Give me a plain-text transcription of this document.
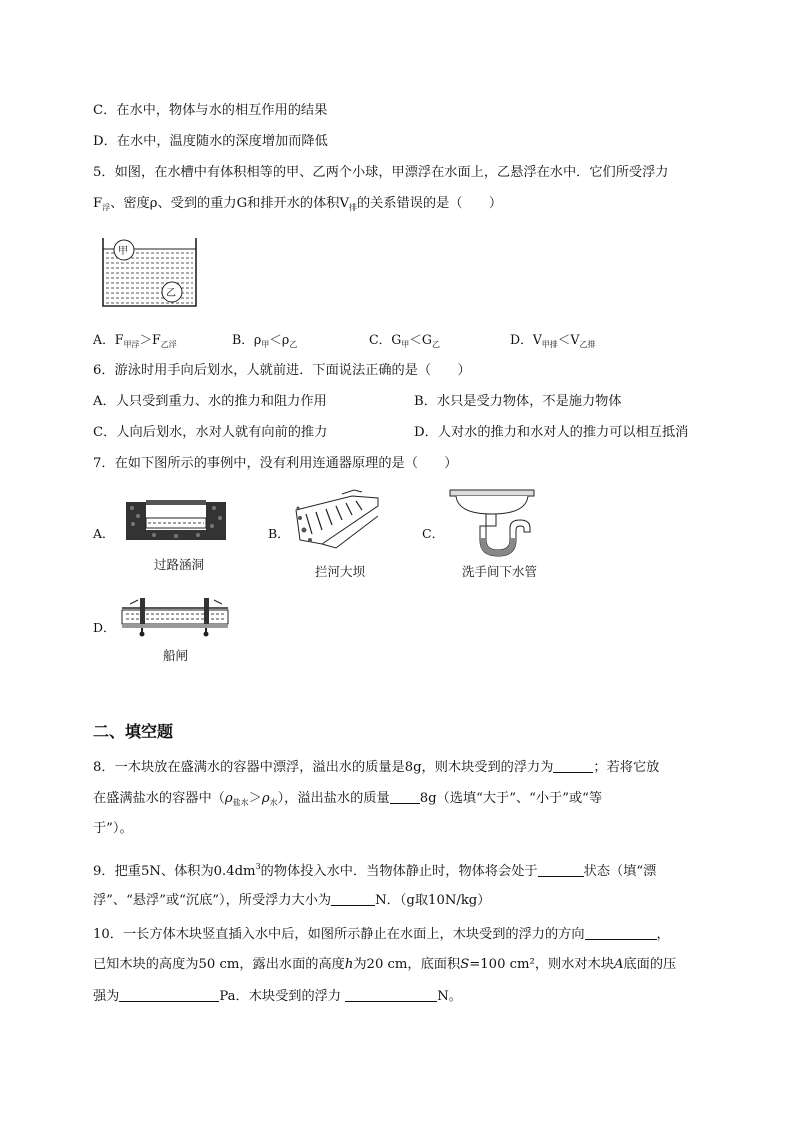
C．在水中，物体与水的相互作用的结果
D．在水中，温度随水的深度增加而降低
5．如图，在水槽中有体积相等的甲、乙两个小球，甲漂浮在水面上，乙悬浮在水中．它们所受浮力
$F_浮$、密度ρ、受到的重力G和排开水的体积$V_排$的关系错误的是（　　）
甲
乙
A．$F_{甲浮}>F_{乙浮}$	B．$\rho_甲<\rho_乙$	C．$G_甲<G_乙$	D．$V_{甲排}<V_{乙排}$
6．游泳时用手向后划水，人就前进．下面说法正确的是（　　）
A．人只受到重力、水的推力和阻力作用	B．水只是受力物体，不是施力物体
C．人向后划水，水对人就有向前的推力	D．人对水的推力和水对人的推力可以相互抵消
7．在如下图所示的事例中，没有利用连通器原理的是（　　）
A．
过路涵洞
B．
拦河大坝
C．
洗手间下水管
D．
船闸
二、填空题
8．一木块放在盛满水的容器中漂浮，溢出水的质量是8g，则木块受到的浮力为	；若将它放
在盛满盐水的容器中$(\rho_{盐水}>\rho_水)$，溢出盐水的质量 8g（选填“大于”、“小于”或“等
于”）。
9．把重5N、体积为$0.4dm^3$的物体投入水中．当物体静止时，物体将会处于	状态（填“漂
浮”、“悬浮”或“沉底”），所受浮力大小为	N．（g取10N/kg）
10．一长方体木块竖直插入水中后，如图所示静止在水面上，木块受到的浮力的方向	，
已知木块的高度为50 cm，露出水面的高度h为20 cm，底面积S=100 cm²，则水对木块A底面的压
强为	Pa．木块受到的浮力	N。
